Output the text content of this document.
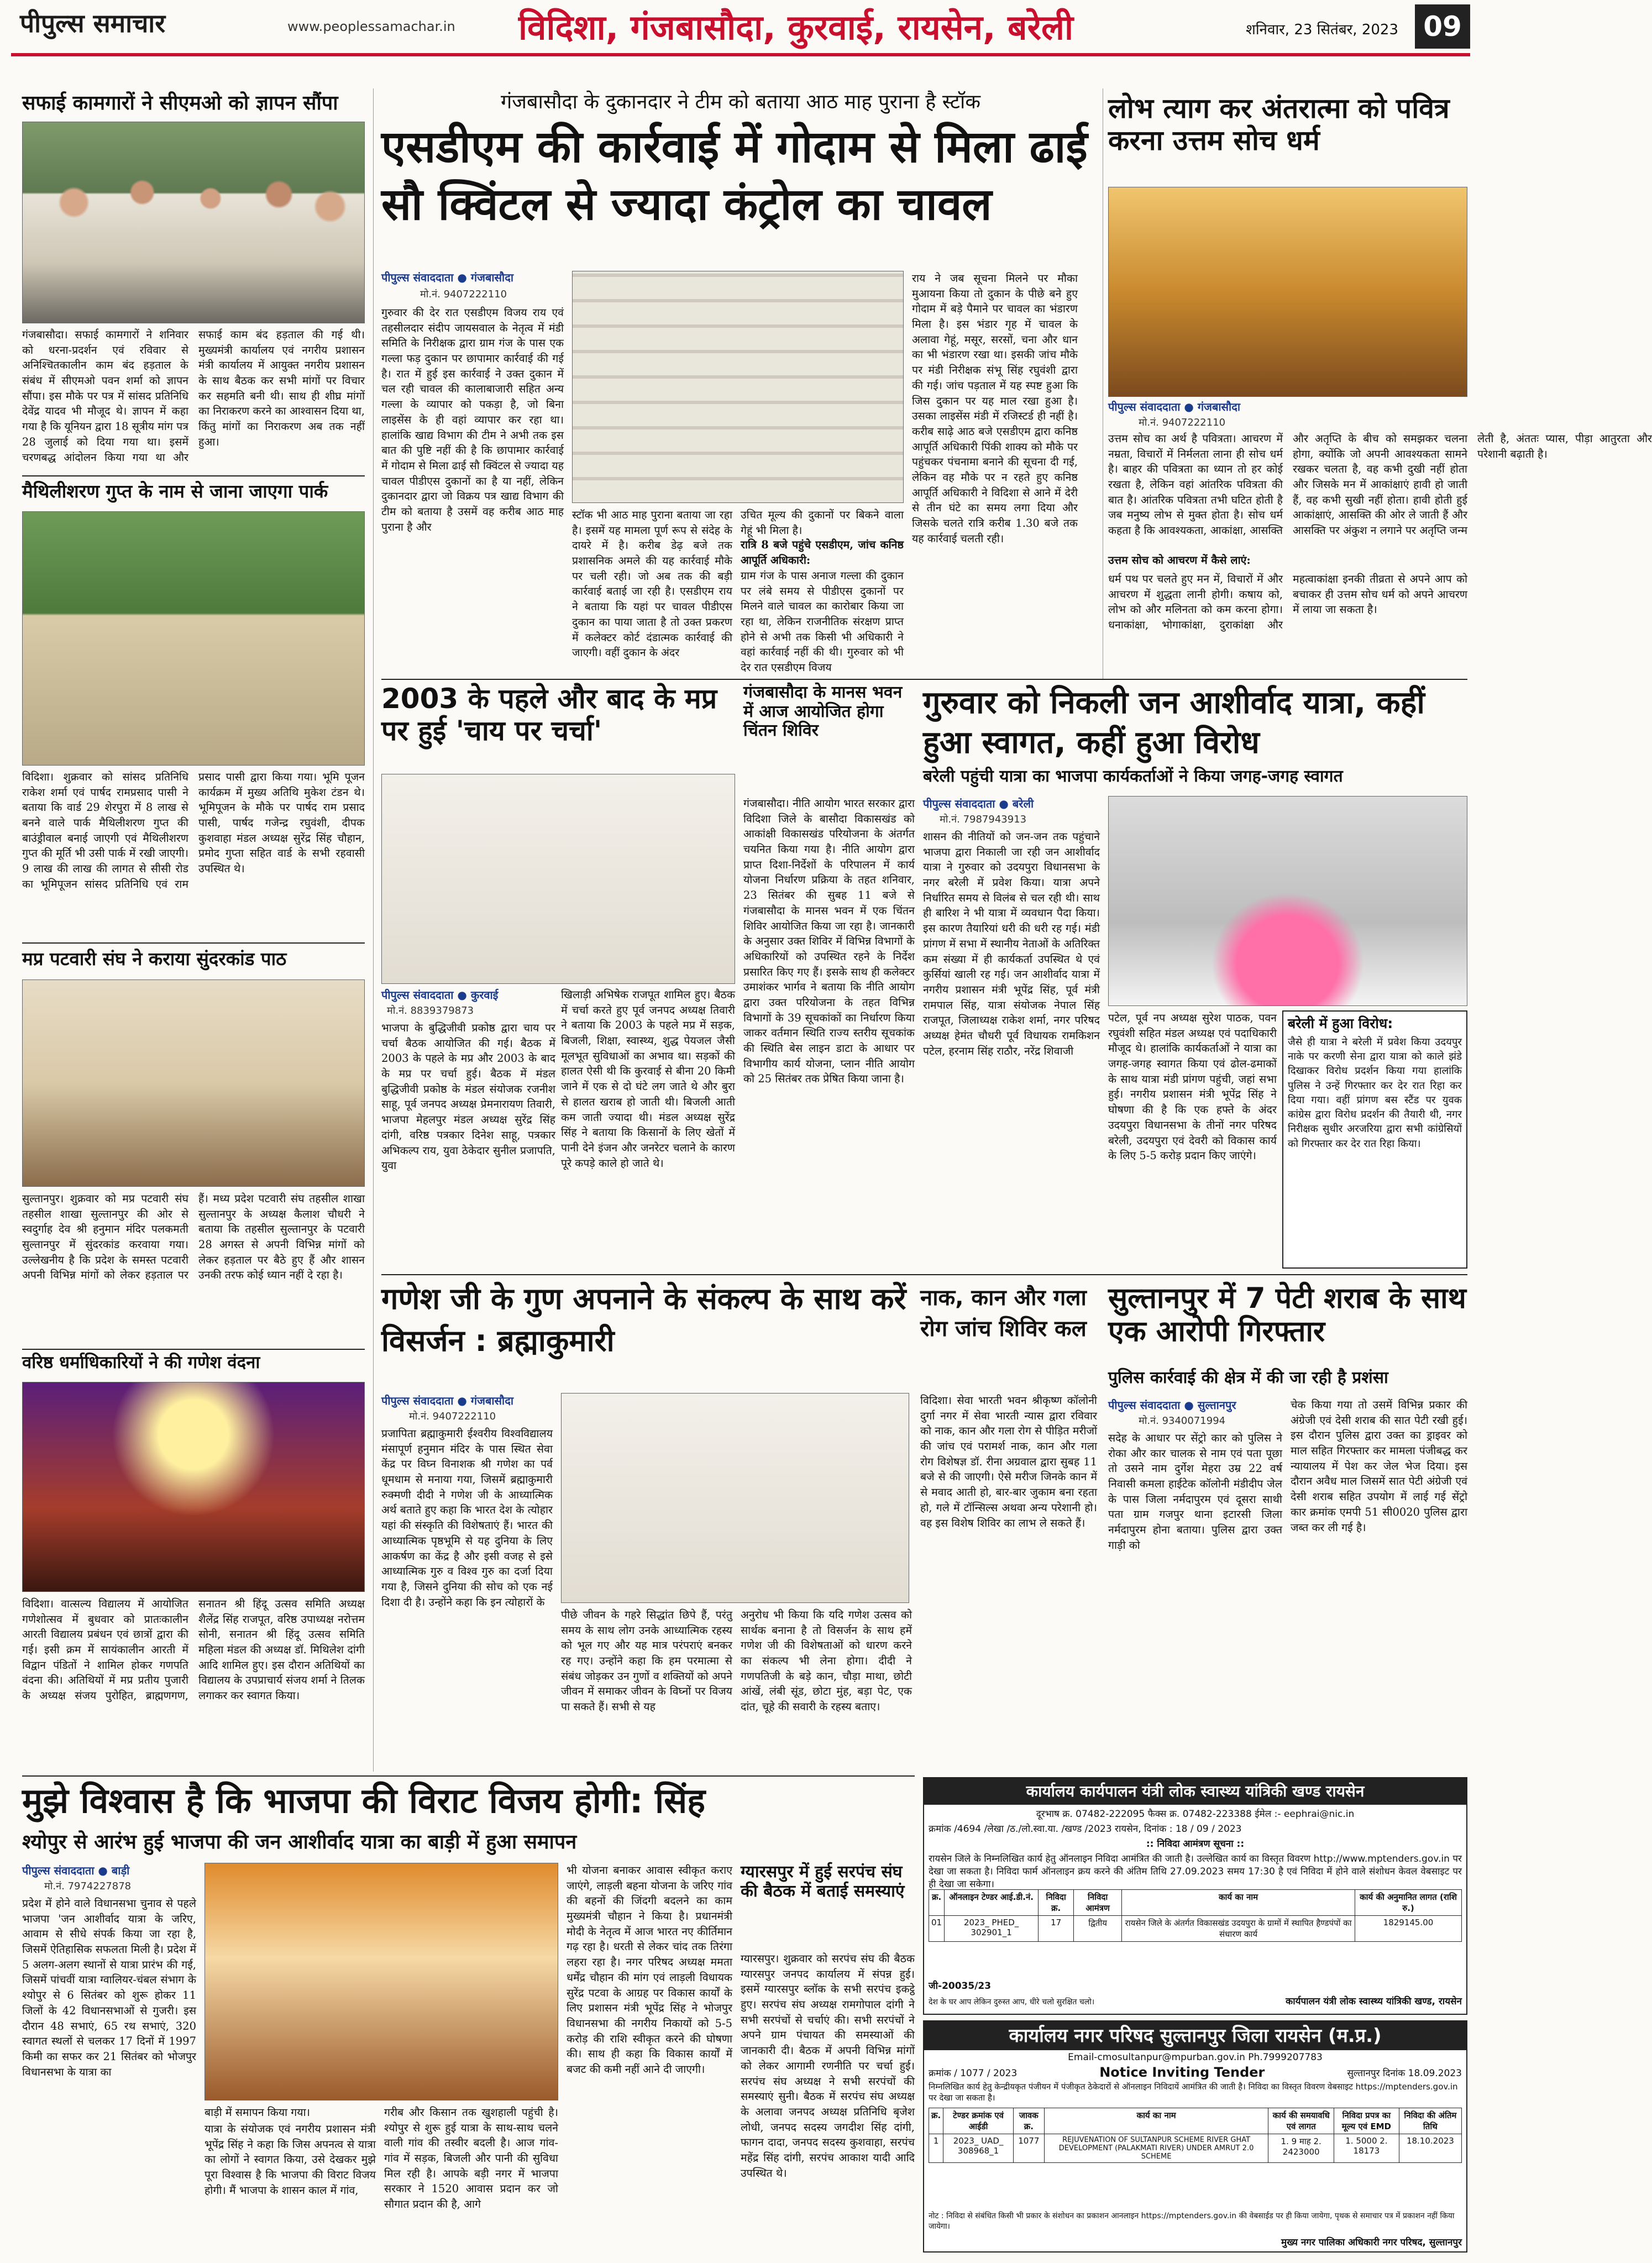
पीपुल्स समाचार	www.peoplessamachar.in	विदिशा, गंजबासौदा, कुरवाई, रायसेन, बरेली	शनिवार, 23 सितंबर, 2023 09
सफाई कामगारों ने सीएमओ को ज्ञापन सौंपा
गंजबासौदा। सफाई कामगारों ने शनिवार को धरना-प्रदर्शन एवं रविवार से अनिश्चितकालीन काम बंद हड़ताल के संबंध में सीएमओ पवन शर्मा को ज्ञापन सौंपा। इस मौके पर पत्र में सांसद प्रतिनिधि देवेंद्र यादव भी मौजूद थे। ज्ञापन में कहा गया है कि यूनियन द्वारा 18 सूत्रीय मांग पत्र 28 जुलाई को दिया गया था। इसमें चरणबद्ध आंदोलन किया गया था और सफाई काम बंद हड़ताल की गई थी। मुख्यमंत्री कार्यालय एवं नगरीय प्रशासन मंत्री कार्यालय में आयुक्त नगरीय प्रशासन के साथ बैठक कर सभी मांगों पर विचार कर सहमति बनी थी। साथ ही शीघ्र मांगों का निराकरण करने का आश्वासन दिया था, किंतु मांगों का निराकरण अब तक नहीं हुआ।
मैथिलीशरण गुप्त के नाम से जाना जाएगा पार्क
विदिशा। शुक्रवार को सांसद प्रतिनिधि राकेश शर्मा एवं पार्षद रामप्रसाद पासी ने बताया कि वार्ड 29 शेरपुरा में 8 लाख से बनने वाले पार्क मैथिलीशरण गुप्त की बाउंड्रीवाल बनाई जाएगी एवं मैथिलीशरण गुप्त की मूर्ति भी उसी पार्क में रखी जाएगी। 9 लाख की लाख की लागत से सीसी रोड का भूमिपूजन सांसद प्रतिनिधि एवं राम प्रसाद पासी द्वारा किया गया। भूमि पूजन कार्यक्रम में मुख्य अतिथि मुकेश टंडन थे। भूमिपूजन के मौके पर पार्षद राम प्रसाद पासी, पार्षद गजेन्द्र रघुवंशी, दीपक कुशवाहा मंडल अध्यक्ष सुरेंद्र सिंह चौहान, प्रमोद गुप्ता सहित वार्ड के सभी रहवासी उपस्थित थे।
मप्र पटवारी संघ ने कराया सुंदरकांड पाठ
सुल्तानपुर। शुक्रवार को मप्र पटवारी संघ तहसील शाखा सुल्तानपुर की ओर से स्वदुर्गाह देव श्री हनुमान मंदिर पलकमती सुल्तानपुर में सुंदरकांड करवाया गया। उल्लेखनीय है कि प्रदेश के समस्त पटवारी अपनी विभिन्न मांगों को लेकर हड़ताल पर हैं। मध्य प्रदेश पटवारी संघ तहसील शाखा सुल्तानपुर के अध्यक्ष कैलाश चौधरी ने बताया कि तहसील सुल्तानपुर के पटवारी 28 अगस्त से अपनी विभिन्न मांगों को लेकर हड़ताल पर बैठे हुए हैं और शासन उनकी तरफ कोई ध्यान नहीं दे रहा है।
वरिष्ठ धर्माधिकारियों ने की गणेश वंदना
विदिशा। वात्सल्य विद्यालय में आयोजित गणेशोत्सव में बुधवार को प्रातःकालीन आरती विद्यालय प्रबंधन एवं छात्रों द्वारा की गई। इसी क्रम में सायंकालीन आरती में विद्वान पंडितों ने शामिल होकर गणपति वंदना की। अतिथियों में मप्र प्रतीय पुजारी के अध्यक्ष संजय पुरोहित, ब्राह्मणगण, सनातन श्री हिंदू उत्सव समिति अध्यक्ष शैलेंद्र सिंह राजपूत, वरिष्ठ उपाध्यक्ष नरोत्तम सोनी, सनातन श्री हिंदू उत्सव समिति महिला मंडल की अध्यक्ष डॉ. मिथिलेश दांगी आदि शामिल हुए। इस दौरान अतिथियों का विद्यालय के उपप्राचार्य संजय शर्मा ने तिलक लगाकर कर स्वागत किया।
गंजबासौदा के दुकानदार ने टीम को बताया आठ माह पुराना है स्टॉक
एसडीएम की कार्रवाई में गोदाम से मिला ढाई सौ क्विंटल से ज्यादा कंट्रोल का चावल
पीपुल्स संवाददाता ● गंजबासौदा
मो.नं. 9407222110
गुरुवार की देर रात एसडीएम विजय राय एवं तहसीलदार संदीप जायसवाल के नेतृत्व में मंडी समिति के निरीक्षक द्वारा ग्राम गंज के पास एक गल्ला फड़ दुकान पर छापामार कार्रवाई की गई है। रात में हुई इस कार्रवाई ने उक्त दुकान में चल रही चावल की कालाबाजारी सहित अन्य गल्ला के व्यापार को पकड़ा है, जो बिना लाइसेंस के ही वहां व्यापार कर रहा था। हालांकि खाद्य विभाग की टीम ने अभी तक इस बात की पुष्टि नहीं की है कि छापामार कार्रवाई में गोदाम से मिला ढाई सौ क्विंटल से ज्यादा यह चावल पीडीएस दुकानों का है या नहीं, लेकिन दुकानदार द्वारा जो विक्रय पत्र खाद्य विभाग की टीम को बताया है उसमें वह करीब आठ माह पुराना है और
स्टॉक भी आठ माह पुराना बताया जा रहा है। इसमें यह मामला पूर्ण रूप से संदेह के दायरे में है। करीब डेढ़ बजे तक प्रशासनिक अमले की यह कार्रवाई मौके पर चली रही। जो अब तक की बड़ी कार्रवाई बताई जा रही है। एसडीएम राय ने बताया कि यहां पर चावल पीडीएस दुकान का पाया जाता है तो उक्त प्रकरण में कलेक्टर कोर्ट दंडात्मक कार्रवाई की जाएगी। वहीं दुकान के अंदर
उचित मूल्य की दुकानों पर बिकने वाला गेहूं भी मिला है।
रात्रि 8 बजे पहुंचे एसडीएम, जांच कनिष्ठ आपूर्ति अधिकारी:
ग्राम गंज के पास अनाज गल्ला की दुकान पर लंबे समय से पीडीएस दुकानों पर मिलने वाले चावल का कारोबार किया जा रहा था, लेकिन राजनीतिक संरक्षण प्राप्त होने से अभी तक किसी भी अधिकारी ने वहां कार्रवाई नहीं की थी। गुरुवार को भी देर रात एसडीएम विजय
राय ने जब सूचना मिलने पर मौका मुआयना किया तो दुकान के पीछे बने हुए गोदाम में बड़े पैमाने पर चावल का भंडारण मिला है। इस भंडार गृह में चावल के अलावा गेहूं, मसूर, सरसों, चना और धान का भी भंडारण रखा था। इसकी जांच मौके पर मंडी निरीक्षक संभू सिंह रघुवंशी द्वारा की गई। जांच पड़ताल में यह स्पष्ट हुआ कि जिस दुकान पर यह माल रखा हुआ है। उसका लाइसेंस मंडी में रजिस्टर्ड ही नहीं है। करीब साढ़े आठ बजे एसडीएम द्वारा कनिष्ठ आपूर्ति अधिकारी पिंकी शाक्य को मौके पर पहुंचकर पंचनामा बनाने की सूचना दी गई, लेकिन वह मौके पर न रहते हुए कनिष्ठ आपूर्ति अधिकारी ने विदिशा से आने में देरी से तीन घंटे का समय लगा दिया और जिसके चलते रात्रि करीब 1.30 बजे तक यह कार्रवाई चलती रही।
लोभ त्याग कर अंतरात्मा को पवित्र करना उत्तम सोच धर्म
पीपुल्स संवाददाता ● गंजबासौदा
मो.नं. 9407222110
उत्तम सोच का अर्थ है पवित्रता। आचरण में नम्रता, विचारों में निर्मलता लाना ही सोच धर्म है। बाहर की पवित्रता का ध्यान तो हर कोई रखता है, लेकिन वहां आंतरिक पवित्रता की बात है। आंतरिक पवित्रता तभी घटित होती है जब मनुष्य लोभ से मुक्त होता है। सोच धर्म कहता है कि आवश्यकता, आकांक्षा, आसक्ति और अतृप्ति के बीच को समझकर चलना होगा, क्योंकि जो अपनी आवश्यकता सामने रखकर चलता है, वह कभी दुखी नहीं होता और जिसके मन में आकांक्षाएं हावी हो जाती हैं, वह कभी सुखी नहीं होता। हावी होती हुई आकांक्षाएं, आसक्ति की ओर ले जाती हैं और आसक्ति पर अंकुश न लगाने पर अतृप्ति जन्म लेती है, अंततः प्यास, पीड़ा आतुरता और परेशानी बढ़ाती है।
उत्तम सोच को आचरण में कैसे लाएं:
धर्म पथ पर चलते हुए मन में, विचारों में और आचरण में शुद्धता लानी होगी। कषाय को, लोभ को और मलिनता को कम करना होगा। धनाकांक्षा, भोगाकांक्षा, दुराकांक्षा और महत्वाकांक्षा इनकी तीव्रता से अपने आप को बचाकर ही उत्तम सोच धर्म को अपने आचरण में लाया जा सकता है।
2003 के पहले और बाद के मप्र पर हुई 'चाय पर चर्चा'
पीपुल्स संवाददाता ● कुरवाई
मो.नं. 8839379873
भाजपा के बुद्धिजीवी प्रकोष्ठ द्वारा चाय पर चर्चा बैठक आयोजित की गई। बैठक में 2003 के पहले के मप्र और 2003 के बाद के मप्र पर चर्चा हुई। बैठक में मंडल बुद्धिजीवी प्रकोष्ठ के मंडल संयोजक रजनीश साहू, पूर्व जनपद अध्यक्ष प्रेमनारायण तिवारी, भाजपा मेहलपुर मंडल अध्यक्ष सुरेंद्र सिंह दांगी, वरिष्ठ पत्रकार दिनेश साहू, पत्रकार अभिकल्प राय, युवा ठेकेदार सुनील प्रजापति, युवा
खिलाड़ी अभिषेक राजपूत शामिल हुए। बैठक में चर्चा करते हुए पूर्व जनपद अध्यक्ष तिवारी ने बताया कि 2003 के पहले मप्र में सड़क, बिजली, शिक्षा, स्वास्थ्य, शुद्ध पेयजल जैसी मूलभूत सुविधाओं का अभाव था। सड़कों की हालत ऐसी थी कि कुरवाई से बीना 20 किमी जाने में एक से दो घंटे लग जाते थे और बुरा से हालत खराब हो जाती थी। बिजली आती कम जाती ज्यादा थी। मंडल अध्यक्ष सुरेंद्र सिंह ने बताया कि किसानों के लिए खेतों में पानी देने इंजन और जनरेटर चलाने के कारण पूरे कपड़े काले हो जाते थे।
गंजबासौदा के मानस भवन में आज आयोजित होगा चिंतन शिविर
गंजबासौदा। नीति आयोग भारत सरकार द्वारा विदिशा जिले के बासौदा विकासखंड को आकांक्षी विकासखंड परियोजना के अंतर्गत चयनित किया गया है। नीति आयोग द्वारा प्राप्त दिशा-निर्देशों के परिपालन में कार्य योजना निर्धारण प्रक्रिया के तहत शनिवार, 23 सितंबर की सुबह 11 बजे से गंजबासौदा के मानस भवन में एक चिंतन शिविर आयोजित किया जा रहा है। जानकारी के अनुसार उक्त शिविर में विभिन्न विभागों के अधिकारियों को उपस्थित रहने के निर्देश प्रसारित किए गए हैं। इसके साथ ही कलेक्टर उमाशंकर भार्गव ने बताया कि नीति आयोग द्वारा उक्त परियोजना के तहत विभिन्न विभागों के 39 सूचकांकों का निर्धारण किया जाकर वर्तमान स्थिति राज्य स्तरीय सूचकांक की स्थिति बेस लाइन डाटा के आधार पर विभागीय कार्य योजना, प्लान नीति आयोग को 25 सितंबर तक प्रेषित किया जाना है।
गुरुवार को निकली जन आशीर्वाद यात्रा, कहीं हुआ स्वागत, कहीं हुआ विरोध
बरेली पहुंची यात्रा का भाजपा कार्यकर्ताओं ने किया जगह-जगह स्वागत
पीपुल्स संवाददाता ● बरेली
मो.नं. 7987943913
शासन की नीतियों को जन-जन तक पहुंचाने भाजपा द्वारा निकाली जा रही जन आशीर्वाद यात्रा ने गुरुवार को उदयपुरा विधानसभा के नगर बरेली में प्रवेश किया। यात्रा अपने निर्धारित समय से विलंब से चल रही थी। साथ ही बारिश ने भी यात्रा में व्यवधान पैदा किया। इस कारण तैयारियां धरी की धरी रह गई। मंडी प्रांगण में सभा में स्थानीय नेताओं के अतिरिक्त कम संख्या में ही कार्यकर्ता उपस्थित थे एवं कुर्सियां खाली रह गई। जन आशीर्वाद यात्रा में नगरीय प्रशासन मंत्री भूपेंद्र सिंह, पूर्व मंत्री रामपाल सिंह, यात्रा संयोजक नेपाल सिंह राजपूत, जिलाध्यक्ष राकेश शर्मा, नगर परिषद अध्यक्ष हेमंत चौधरी पूर्व विधायक रामकिशन पटेल, हरनाम सिंह राठौर, नरेंद्र शिवाजी
पटेल, पूर्व नप अध्यक्ष सुरेश पाठक, पवन रघुवंशी सहित मंडल अध्यक्ष एवं पदाधिकारी मौजूद थे। हालांकि कार्यकर्ताओं ने यात्रा का जगह-जगह स्वागत किया एवं ढोल-ढमाकों के साथ यात्रा मंडी प्रांगण पहुंची, जहां सभा हुई। नगरीय प्रशासन मंत्री भूपेंद्र सिंह ने घोषणा की है कि एक हफ्ते के अंदर उदयपुरा विधानसभा के तीनों नगर परिषद बरेली, उदयपुरा एवं देवरी को विकास कार्य के लिए 5-5 करोड़ प्रदान किए जाएंगे।
बरेली में हुआ विरोध:
जैसे ही यात्रा ने बरेली में प्रवेश किया उदयपुर नाके पर करणी सेना द्वारा यात्रा को काले झंडे दिखाकर विरोध प्रदर्शन किया गया हालांकि पुलिस ने उन्हें गिरफ्तार कर देर रात रिहा कर दिया गया। वहीं प्रांगण बस स्टैंड पर युवक कांग्रेस द्वारा विरोध प्रदर्शन की तैयारी थी, नगर निरीक्षक सुधीर अरजरिया द्वारा सभी कांग्रेसियों को गिरफ्तार कर देर रात रिहा किया।
गणेश जी के गुण अपनाने के संकल्प के साथ करें विसर्जन : ब्रह्माकुमारी
पीपुल्स संवाददाता ● गंजबासौदा
मो.नं. 9407222110
प्रजापिता ब्रह्माकुमारी ईश्वरीय विश्वविद्यालय मंसापूर्ण हनुमान मंदिर के पास स्थित सेवा केंद्र पर विघ्न विनाशक श्री गणेश का पर्व धूमधाम से मनाया गया, जिसमें ब्रह्माकुमारी रुक्मणी दीदी ने गणेश जी के आध्यात्मिक अर्थ बताते हुए कहा कि भारत देश के त्योहार यहां की संस्कृति की विशेषताएं हैं। भारत की आध्यात्मिक पृष्ठभूमि से यह दुनिया के लिए आकर्षण का केंद्र है और इसी वजह से इसे आध्यात्मिक गुरु व विश्व गुरु का दर्जा दिया गया है, जिसने दुनिया की सोच को एक नई दिशा दी है। उन्होंने कहा कि इन त्योहारों के
पीछे जीवन के गहरे सिद्धांत छिपे हैं, परंतु समय के साथ लोग उनके आध्यात्मिक रहस्य को भूल गए और यह मात्र परंपराएं बनकर रह गए। उन्होंने कहा कि हम परमात्मा से संबंध जोड़कर उन गुणों व शक्तियों को अपने जीवन में समाकर जीवन के विघ्नों पर विजय पा सकते हैं। सभी से यह
अनुरोध भी किया कि यदि गणेश उत्सव को सार्थक बनाना है तो विसर्जन के साथ हमें गणेश जी की विशेषताओं को धारण करने का संकल्प भी लेना होगा। दीदी ने गणपतिजी के बड़े कान, चौड़ा माथा, छोटी आंखें, लंबी सूंड, छोटा मुंह, बड़ा पेट, एक दांत, चूहे की सवारी के रहस्य बताए।
नाक, कान और गला रोग जांच शिविर कल
विदिशा। सेवा भारती भवन श्रीकृष्ण कॉलोनी दुर्गा नगर में सेवा भारती न्यास द्वारा रविवार को नाक, कान और गला रोग से पीड़ित मरीजों की जांच एवं परामर्श नाक, कान और गला रोग विशेषज्ञ डॉ. रीना अग्रवाल द्वारा सुबह 11 बजे से की जाएगी। ऐसे मरीज जिनके कान में से मवाद आती हो, बार-बार जुकाम बना रहता हो, गले में टॉन्सिल्स अथवा अन्य परेशानी हो। वह इस विशेष शिविर का लाभ ले सकते हैं।
सुल्तानपुर में 7 पेटी शराब के साथ एक आरोपी गिरफ्तार
पुलिस कार्रवाई की क्षेत्र में की जा रही है प्रशंसा
पीपुल्स संवाददाता ● सुल्तानपुर
मो.नं. 9340071994
सदेह के आधार पर सेंट्रो कार को पुलिस ने रोका और कार चालक से नाम एवं पता पूछा तो उसने नाम दुर्गेश मेहरा उम्र 22 वर्ष निवासी कमला हाईटेक कॉलोनी मंडीदीप जेल के पास जिला नर्मदापुरम एवं दूसरा साथी पता ग्राम गजपुर थाना इटारसी जिला नर्मदापुरम होना बताया। पुलिस द्वारा उक्त गाड़ी को
चेक किया गया तो उसमें विभिन्न प्रकार की अंग्रेजी एवं देसी शराब की सात पेटी रखी हुई। इस दौरान पुलिस द्वारा उक्त का ड्राइवर को माल सहित गिरफ्तार कर मामला पंजीबद्ध कर न्यायालय में पेश कर जेल भेज दिया। इस दौरान अवैध माल जिसमें सात पेटी अंग्रेजी एवं देसी शराब सहित उपयोग में लाई गई सेंट्रो कार क्रमांक एमपी 51 सी0020 पुलिस द्वारा जब्त कर ली गई है।
मुझे विश्वास है कि भाजपा की विराट विजय होगी: सिंह
श्योपुर से आरंभ हुई भाजपा की जन आशीर्वाद यात्रा का बाड़ी में हुआ समापन
पीपुल्स संवाददाता ● बाड़ी
मो.नं. 7974227878
प्रदेश में होने वाले विधानसभा चुनाव से पहले भाजपा 'जन आशीर्वाद यात्रा के जरिए, आवाम से सीधे संपर्क किया जा रहा है, जिसमें ऐतिहासिक सफलता मिली है। प्रदेश में 5 अलग-अलग स्थानों से यात्रा प्रारंभ की गई, जिसमें पांचवीं यात्रा ग्वालियर-चंबल संभाग के श्योपुर से 6 सितंबर को शुरू होकर 11 जिलों के 42 विधानसभाओं से गुजरी। इस दौरान 48 सभाएं, 65 रथ सभाएं, 320 स्वागत स्थलों से चलकर 17 दिनों में 1997 किमी का सफर कर 21 सितंबर को भोजपुर विधानसभा के यात्रा का
बाड़ी में समापन किया गया।
यात्रा के संयोजक एवं नगरीय प्रशासन मंत्री भूपेंद्र सिंह ने कहा कि जिस अपनत्व से यात्रा का लोगों ने स्वागत किया, उसे देखकर मुझे पूरा विश्वास है कि भाजपा की विराट विजय होगी। मैं भाजपा के शासन काल में गांव,
गरीब और किसान तक खुशहाली पहुंची है। श्योपुर से शुरू हुई यात्रा के साथ-साथ चलने वाली गांव की तस्वीर बदली है। आज गांव- गांव में सड़क, बिजली और पानी की सुविधा मिल रही है। आपके बड़ी नगर में भाजपा सरकार ने 1520 आवास प्रदान कर जो सौगात प्रदान की है, आगे
भी योजना बनाकर आवास स्वीकृत कराए जाएंगे, लाड़ली बहना योजना के जरिए गांव की बहनों की जिंदगी बदलने का काम मुख्यमंत्री चौहान ने किया है। प्रधानमंत्री मोदी के नेतृत्व में आज भारत नए कीर्तिमान गढ़ रहा है। धरती से लेकर चांद तक तिरंगा लहरा रहा है। नगर परिषद अध्यक्ष ममता धर्मेंद्र चौहान की मांग एवं लाड़ली विधायक सुरेंद्र पटवा के आग्रह पर विकास कार्यों के लिए प्रशासन मंत्री भूपेंद्र सिंह ने भोजपुर विधानसभा की नगरीय निकायों को 5-5 करोड़ की राशि स्वीकृत करने की घोषणा की। साथ ही कहा कि विकास कार्यों में बजट की कमी नहीं आने दी जाएगी।
ग्यारसपुर में हुई सरपंच संघ की बैठक में बताई समस्याएं
ग्यारसपुर। शुक्रवार को सरपंच संघ की बैठक ग्यारसपुर जनपद कार्यालय में संपन्न हुई। इसमें ग्यारसपुर ब्लॉक के सभी सरपंच इकट्ठे हुए। सरपंच संघ अध्यक्ष रामगोपाल दांगी ने सभी सरपंचों से चर्चाएं की। सभी सरपंचों ने अपने ग्राम पंचायत की समस्याओं की जानकारी दी। बैठक में अपनी विभिन्न मांगों को लेकर आगामी रणनीति पर चर्चा हुई। सरपंच संघ अध्यक्ष ने सभी सरपंचों की समस्याएं सुनी। बैठक में सरपंच संघ अध्यक्ष के अलावा जनपद अध्यक्ष प्रतिनिधि बृजेश लोधी, जनपद सदस्य जगदीश सिंह दांगी, फागन दादा, जनपद सदस्य कुशवाहा, सरपंच महेंद्र सिंह दांगी, सरपंच आकाश यादी आदि उपस्थित थे।
कार्यालय कार्यपालन यंत्री लोक स्वास्थ्य यांत्रिकी खण्ड रायसेन
दूरभाष क्र. 07482-222095 फैक्स क्र. 07482-223388 ईमेल :- eephrai@nic.in
क्रमांक /4694 /लेखा /ठ./लो.स्वा.या. /खण्ड /2023 रायसेन, दिनांक : 18 / 09 / 2023
:: निविदा आमंत्रण सूचना ::
रायसेन जिले के निम्नलिखित कार्य हेतु ऑनलाइन निविदा आमंत्रित की जाती है। उल्लेखित कार्य का विस्तृत विवरण http://www.mptenders.gov.in पर देखा जा सकता है। निविदा फार्म ऑनलाइन क्रय करने की अंतिम तिथि 27.09.2023 समय 17:30 है एवं निविदा में होने वाले संशोधन केवल वेबसाइट पर ही देखा जा सकेगा।
क्र.	ऑनलाइन टेण्डर आई.डी.नं.	निविदा क्र.	निविदा आमंत्रण	कार्य का नाम	कार्य की अनुमानित लागत (राशि रु.)
01	2023_ PHED_ 302901_1	17	द्वितीय	रायसेन जिले के अंतर्गत विकासखंड उदयपुरा के ग्रामों में स्थापित हैण्डपंपों का संधारण कार्य	1829145.00
जी-20035/23
देश के घर आप लेकिन दुरुस्त आप, धीरे चलो सुरक्षित चलो।	कार्यपालन यंत्री लोक स्वास्थ्य यांत्रिकी खण्ड, रायसेन
कार्यालय नगर परिषद सुल्तानपुर जिला रायसेन (म.प्र.)
Email-cmosultanpur@mpurban.gov.in Ph.7999207783
क्रमांक / 1077 / 2023	Notice Inviting Tender	सुल्तानपुर दिनांक 18.09.2023
निम्नलिखित कार्य हेतु केन्द्रीयकृत पंजीयन में पंजीकृत ठेकेदारों से ऑनलाइन निविदायें आमंत्रित की जाती है। निविदा का विस्तृत विवरण वेबसाइट https://mptenders.gov.in पर देखा जा सकता है।
क्र.	टेण्डर क्रमांक एवं आईडी	जावक क्र.	कार्य का नाम	कार्य की समयावधि एवं लागत	निविदा प्रपत्र का मूल्य एवं EMD	निविदा की अंतिम तिथि
1	2023_ UAD_ 308968_1	1077	REJUVENATION OF SULTANPUR SCHEME RIVER GHAT DEVELOPMENT (PALAKMATI RIVER) UNDER AMRUT 2.0 SCHEME	1. 9 माह 2. 2423000	1. 5000 2. 18173	18.10.2023
नोट : निविदा से संबंधित किसी भी प्रकार के संशोधन का प्रकाशन आनलाइन https://mptenders.gov.in की वेबसाईड पर ही किया जायेगा, पृथक से समाचार पत्र में प्रकाशन नहीं किया जायेगा।
मुख्य नगर पालिका अधिकारी नगर परिषद, सुल्तानपुर
